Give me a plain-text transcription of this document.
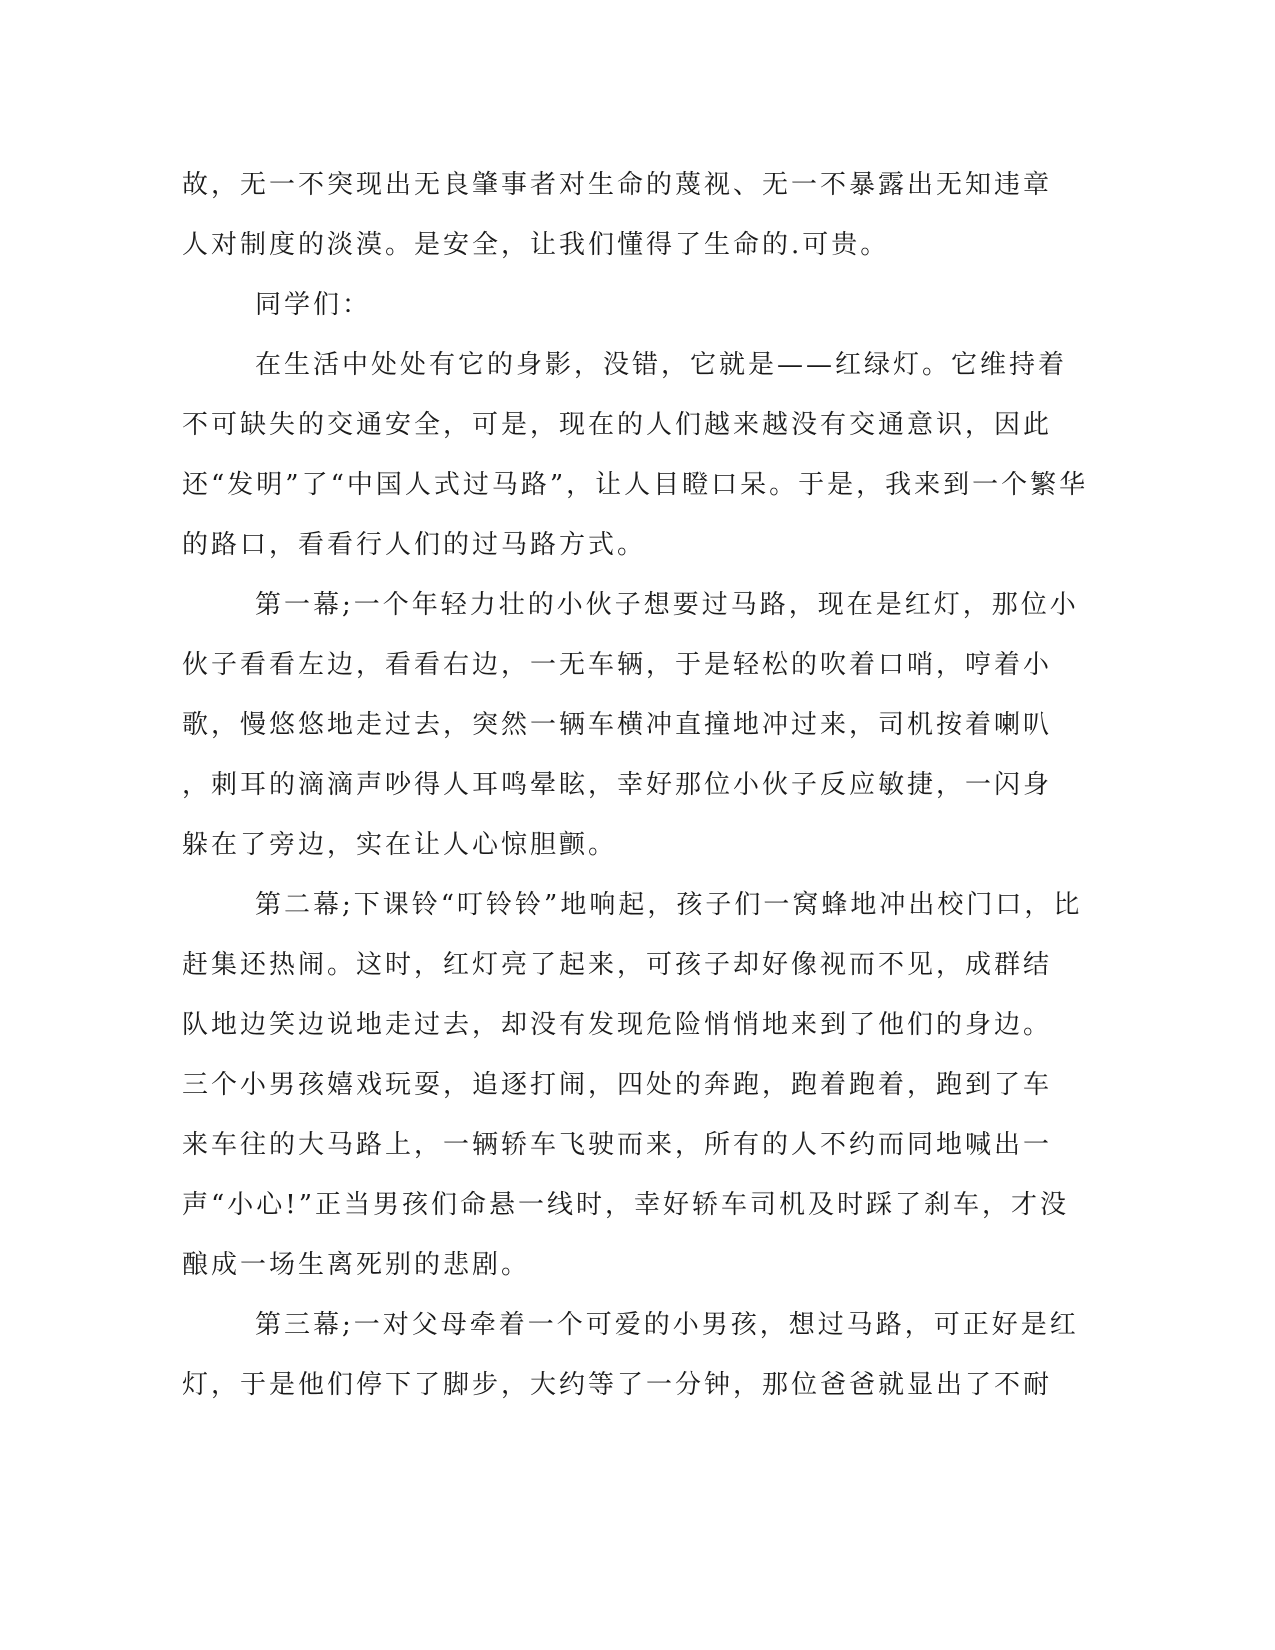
故，无一不突现出无良肇事者对生命的蔑视、无一不暴露出无知违章
人对制度的淡漠。是安全，让我们懂得了生命的.可贵。
同学们：
在生活中处处有它的身影，没错，它就是——红绿灯。它维持着
不可缺失的交通安全，可是，现在的人们越来越没有交通意识，因此
还“发明”了“中国人式过马路”，让人目瞪口呆。于是，我来到一个繁华
的路口，看看行人们的过马路方式。
第一幕;一个年轻力壮的小伙子想要过马路，现在是红灯，那位小
伙子看看左边，看看右边，一无车辆，于是轻松的吹着口哨，哼着小
歌，慢悠悠地走过去，突然一辆车横冲直撞地冲过来，司机按着喇叭
，刺耳的滴滴声吵得人耳鸣晕眩，幸好那位小伙子反应敏捷，一闪身
躲在了旁边，实在让人心惊胆颤。
第二幕;下课铃“叮铃铃”地响起，孩子们一窝蜂地冲出校门口，比
赶集还热闹。这时，红灯亮了起来，可孩子却好像视而不见，成群结
队地边笑边说地走过去，却没有发现危险悄悄地来到了他们的身边。
三个小男孩嬉戏玩耍，追逐打闹，四处的奔跑，跑着跑着，跑到了车
来车往的大马路上，一辆轿车飞驶而来，所有的人不约而同地喊出一
声“小心!”正当男孩们命悬一线时，幸好轿车司机及时踩了刹车，才没
酿成一场生离死别的悲剧。
第三幕;一对父母牵着一个可爱的小男孩，想过马路，可正好是红
灯，于是他们停下了脚步，大约等了一分钟，那位爸爸就显出了不耐
